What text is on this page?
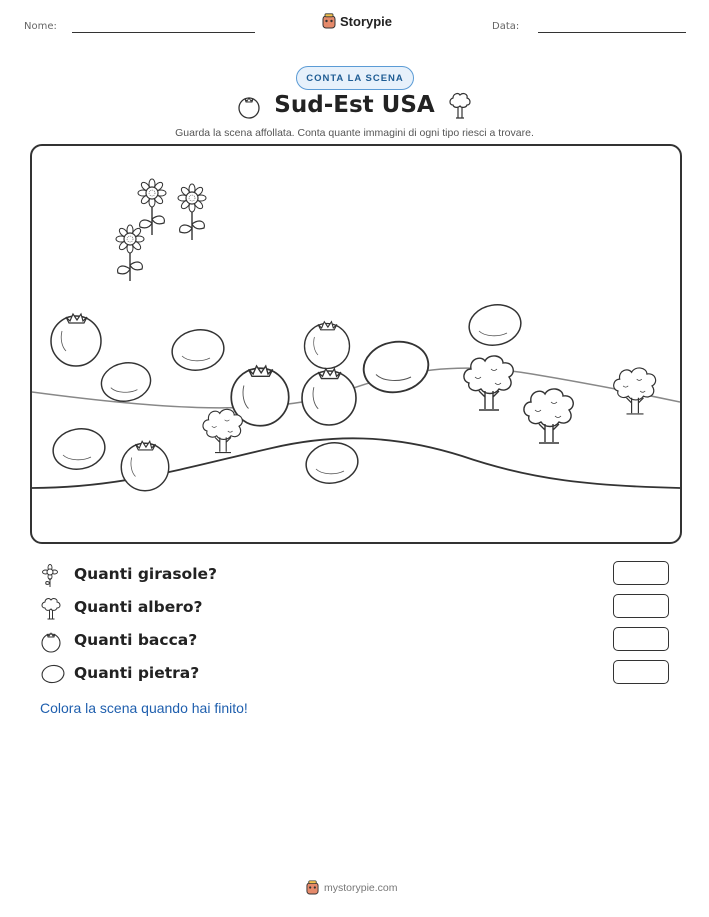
Nome:	Storypie	Data:
CONTA LA SCENA
Sud-Est USA
Guarda la scena affollata. Conta quante immagini di ogni tipo riesci a trovare.
Quanti girasole?
Quanti albero?
Quanti bacca?
Quanti pietra?
Colora la scena quando hai finito!
mystorypie.com
